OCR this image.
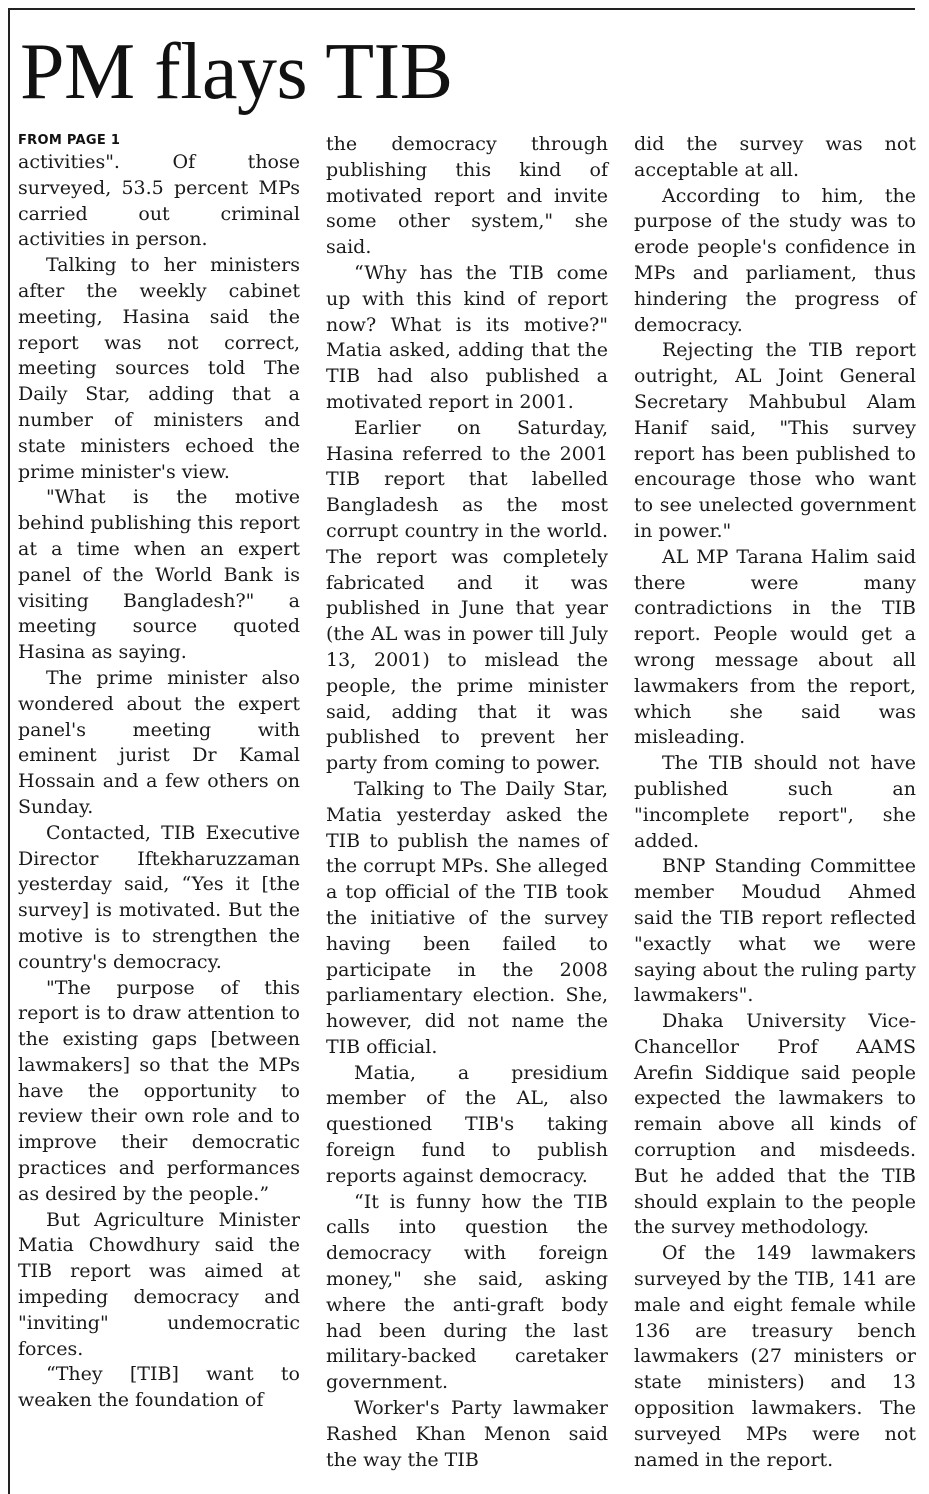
PM flays TIB
FROM PAGE 1

activities". Of those surveyed, 53.5 percent MPs carried out criminal activities in person.

Talking to her ministers after the weekly cabinet meeting, Hasina said the report was not correct, meeting sources told The Daily Star, adding that a number of ministers and state ministers echoed the prime minister's view.

"What is the motive behind publishing this report at a time when an expert panel of the World Bank is visiting Bangladesh?" a meeting source quoted Hasina as saying.

The prime minister also wondered about the expert panel's meeting with eminent jurist Dr Kamal Hossain and a few others on Sunday.

Contacted, TIB Executive Director Iftekharuzzaman yesterday said, “Yes it [the survey] is motivated. But the motive is to strengthen the country's democracy.

"The purpose of this report is to draw attention to the existing gaps [between lawmakers] so that the MPs have the opportunity to review their own role and to improve their democratic practices and performances as desired by the people.”

But Agriculture Minister Matia Chowdhury said the TIB report was aimed at impeding democracy and "inviting" undemocratic forces.

“They [TIB] want to weaken the foundation of

the democracy through publishing this kind of motivated report and invite some other system," she said.

“Why has the TIB come up with this kind of report now? What is its motive?" Matia asked, adding that the TIB had also published a motivated report in 2001.

Earlier on Saturday, Hasina referred to the 2001 TIB report that labelled Bangladesh as the most corrupt country in the world. The report was completely fabricated and it was published in June that year (the AL was in power till July 13, 2001) to mislead the people, the prime minister said, adding that it was published to prevent her party from coming to power.

Talking to The Daily Star, Matia yesterday asked the TIB to publish the names of the corrupt MPs. She alleged a top official of the TIB took the initiative of the survey having been failed to participate in the 2008 parliamentary election. She, however, did not name the TIB official.

Matia, a presidium member of the AL, also questioned TIB's taking foreign fund to publish reports against democracy.

“It is funny how the TIB calls into question the democracy with foreign money," she said, asking where the anti-graft body had been during the last military-backed caretaker government.

Worker's Party lawmaker Rashed Khan Menon said the way the TIB

did the survey was not acceptable at all.

According to him, the purpose of the study was to erode people's confidence in MPs and parliament, thus hindering the progress of democracy.

Rejecting the TIB report outright, AL Joint General Secretary Mahbubul Alam Hanif said, "This survey report has been published to encourage those who want to see unelected government in power."

AL MP Tarana Halim said there were many contradictions in the TIB report. People would get a wrong message about all lawmakers from the report, which she said was misleading.

The TIB should not have published such an "incomplete report", she added.

BNP Standing Committee member Moudud Ahmed said the TIB report reflected "exactly what we were saying about the ruling party lawmakers".

Dhaka University Vice-Chancellor Prof AAMS Arefin Siddique said people expected the lawmakers to remain above all kinds of corruption and misdeeds. But he added that the TIB should explain to the people the survey methodology.

Of the 149 lawmakers surveyed by the TIB, 141 are male and eight female while 136 are treasury bench lawmakers (27 ministers or state ministers) and 13 opposition lawmakers. The surveyed MPs were not named in the report.
